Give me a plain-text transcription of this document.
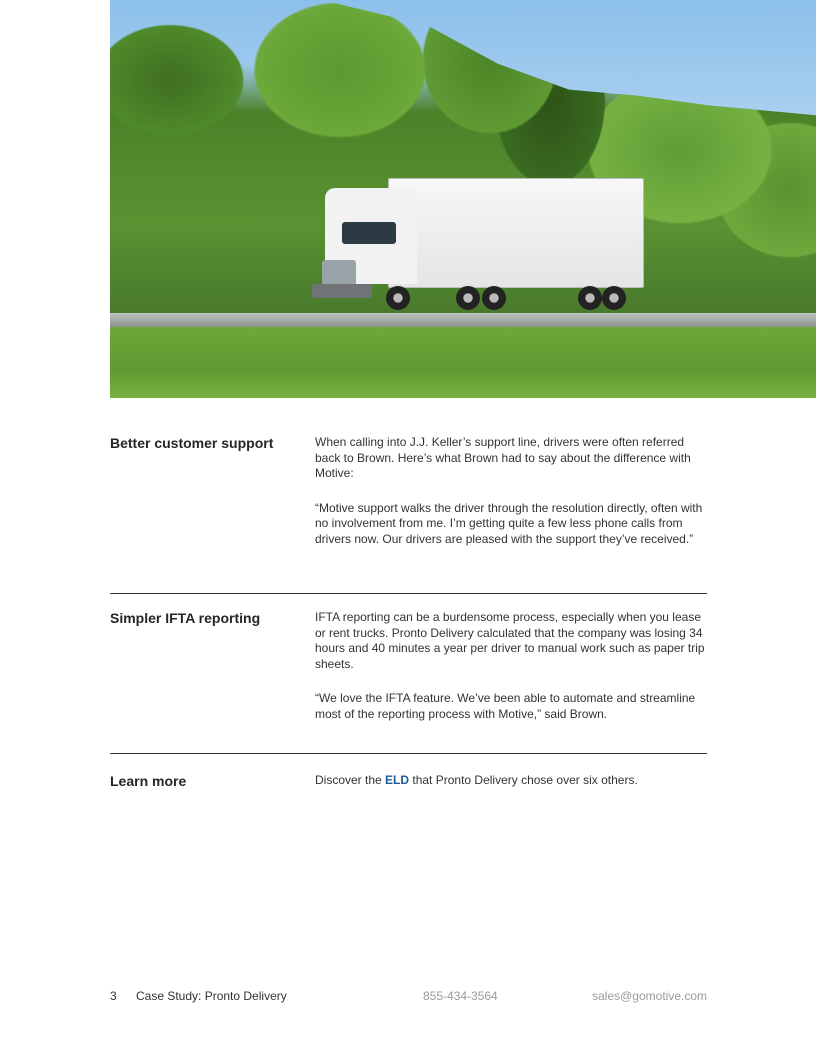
Better customer support	When calling into J.J. Keller’s support line, drivers were often referred back to Brown. Here’s what Brown had to say about the difference with Motive:

“Motive support walks the driver through the resolution directly, often with no involvement from me. I’m getting quite a few less phone calls from drivers now. Our drivers are pleased with the support they’ve received.”

Simpler IFTA reporting	IFTA reporting can be a burdensome process, especially when you lease or rent trucks. Pronto Delivery calculated that the company was losing 34 hours and 40 minutes a year per driver to manual work such as paper trip sheets.

“We love the IFTA feature. We’ve been able to automate and streamline most of the reporting process with Motive,” said Brown.

Learn more	Discover the ELD that Pronto Delivery chose over six others.
3 Case Study: Pronto Delivery	855-434-3564	sales@gomotive.com
